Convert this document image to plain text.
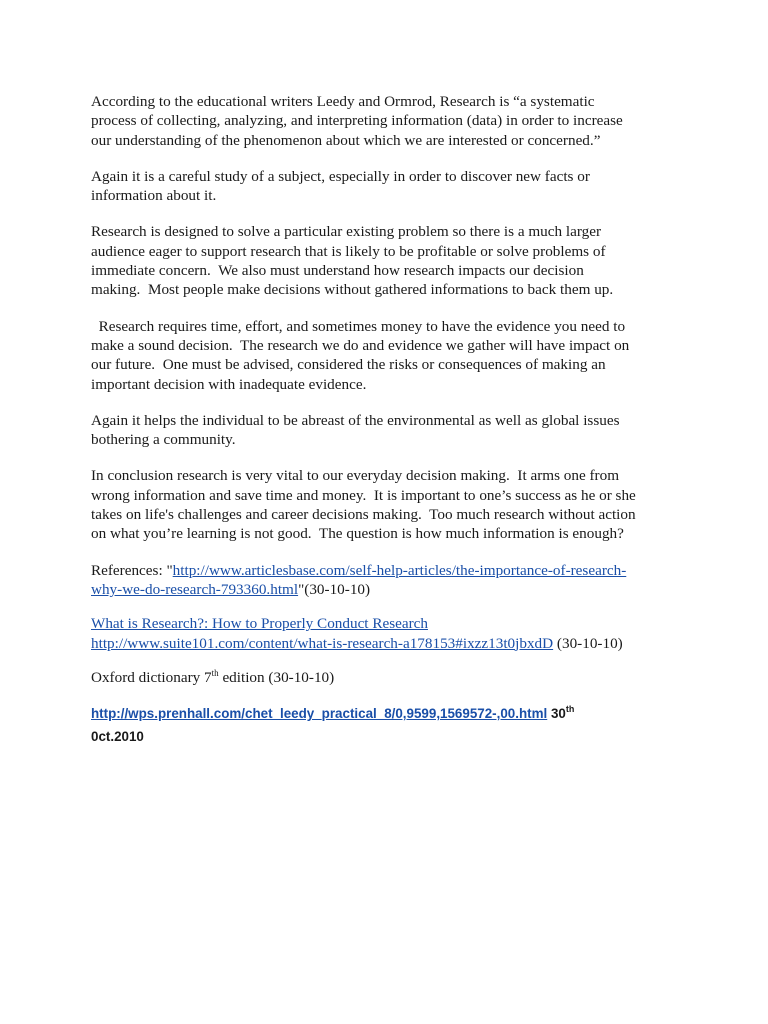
According to the educational writers Leedy and Ormrod, Research is “a systematic
process of collecting, analyzing, and interpreting information (data) in order to increase
our understanding of the phenomenon about which we are interested or concerned.”

Again it is a careful study of a subject, especially in order to discover new facts or
information about it.

Research is designed to solve a particular existing problem so there is a much larger
audience eager to support research that is likely to be profitable or solve problems of
immediate concern.  We also must understand how research impacts our decision
making.  Most people make decisions without gathered informations to back them up.

Research requires time, effort, and sometimes money to have the evidence you need to
make a sound decision.  The research we do and evidence we gather will have impact on
our future.  One must be advised, considered the risks or consequences of making an
important decision with inadequate evidence.

Again it helps the individual to be abreast of the environmental as well as global issues
bothering a community.

In conclusion research is very vital to our everyday decision making.  It arms one from
wrong information and save time and money.  It is important to one’s success as he or she
takes on life's challenges and career decisions making.  Too much research without action
on what you’re learning is not good.  The question is how much information is enough?

References: "http://www.articlesbase.com/self-help-articles/the-importance-of-research-
why-we-do-research-793360.html"(30-10-10)

What is Research?: How to Properly Conduct Research
http://www.suite101.com/content/what-is-research-a178153#ixzz13t0jbxdD (30-10-10)

Oxford dictionary 7th edition (30-10-10)

http://wps.prenhall.com/chet_leedy_practical_8/0,9599,1569572-,00.html 30th
0ct.2010
